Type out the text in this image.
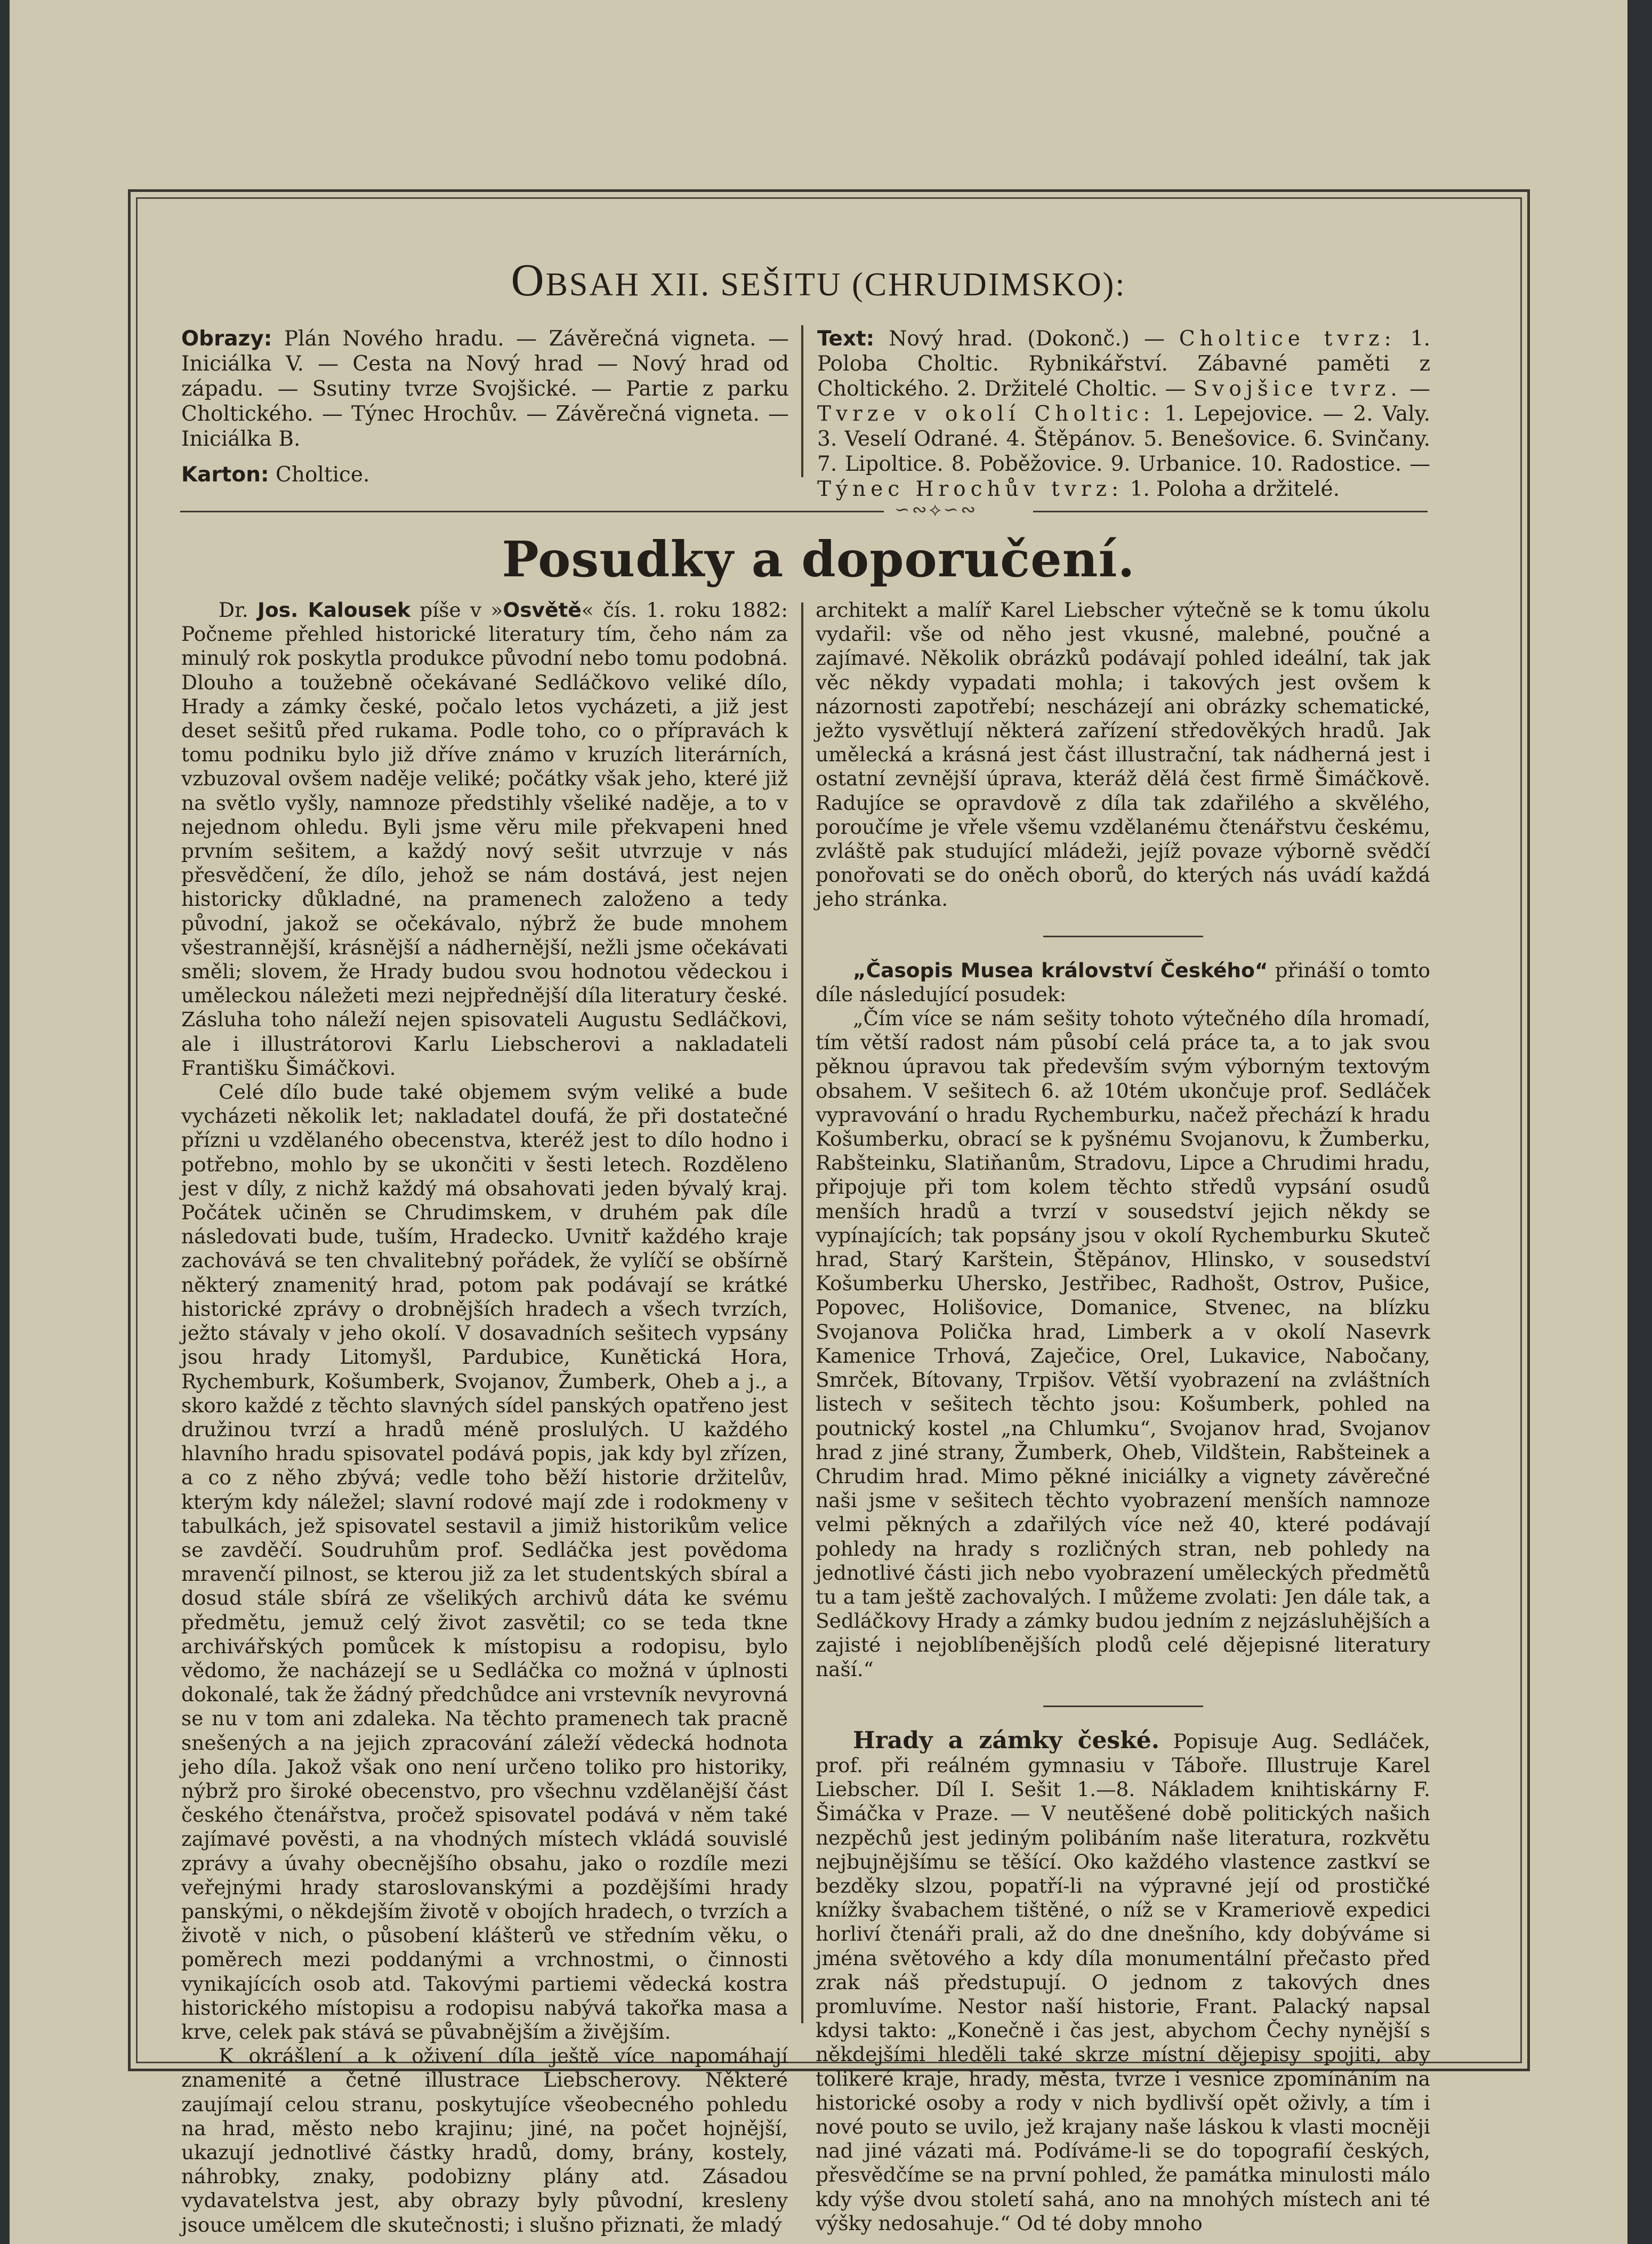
OBSAH XII. SEŠITU (CHRUDIMSKO):
Obrazy: Plán Nového hradu. — Závěrečná vigneta. — Iniciálka V. — Cesta na Nový hrad — Nový hrad od západu. — Ssutiny tvrze Svojšické. — Partie z parku Choltického. — Týnec Hrochův. — Závěrečná vigneta. — Iniciálka B.
Karton: Choltice.
Text: Nový hrad. (Dokonč.) — Choltice tvrz: 1. Poloba Choltic. Rybnikářství. Zábavné paměti z Choltického. 2. Držitelé Choltic. — Svojšice tvrz. — Tvrze v okolí Choltic: 1. Lepejovice. — 2. Valy. 3. Veselí Odrané. 4. Štěpánov. 5. Benešovice. 6. Svinčany. 7. Lipoltice. 8. Poběžovice. 9. Urbanice. 10. Radostice. — Týnec Hrochův tvrz: 1. Poloha a držitelé.
∽∾⟡∽∾
Posudky a doporučení.

Dr. Jos. Kalousek píše v »Osvětě« čís. 1. roku 1882: Počneme přehled historické literatury tím, čeho nám za minulý rok poskytla produkce původní nebo tomu podobná. Dlouho a toužebně očekávané Sedláčkovo veliké dílo, Hrady a zámky české, počalo letos vycházeti, a již jest deset sešitů před rukama. Podle toho, co o přípravách k tomu podniku bylo již dříve známo v kruzích literárních, vzbuzoval ovšem naděje veliké; počátky však jeho, které již na světlo vyšly, namnoze předstihly všeliké naděje, a to v nejednom ohledu. Byli jsme věru mile překvapeni hned prvním sešitem, a každý nový sešit utvrzuje v nás přesvědčení, že dílo, jehož se nám dostává, jest nejen historicky důkladné, na pramenech založeno a tedy původní, jakož se očekávalo, nýbrž že bude mnohem všestrannější, krásnější a nádhernější, nežli jsme očekávati směli; slovem, že Hrady budou svou hodnotou vědeckou i uměleckou náležeti mezi nejpřednější díla literatury české. Zásluha toho náleží nejen spisovateli Augustu Sedláčkovi, ale i illustrátorovi Karlu Liebscherovi a nakladateli Františku Šimáčkovi.

Celé dílo bude také objemem svým veliké a bude vycházeti několik let; nakladatel doufá, že při dostatečné přízni u vzdělaného obecenstva, kteréž jest to dílo hodno i potřebno, mohlo by se ukončiti v šesti letech. Rozděleno jest v díly, z nichž každý má obsahovati jeden bývalý kraj. Počátek učiněn se Chrudimskem, v druhém pak díle následovati bude, tuším, Hradecko. Uvnitř každého kraje zachovává se ten chvalitebný pořádek, že vylíčí se obšírně některý znamenitý hrad, potom pak podávají se krátké historické zprávy o drobnějších hradech a všech tvrzích, ježto stávaly v jeho okolí. V dosavadních sešitech vypsány jsou hrady Litomyšl, Pardubice, Kunětická Hora, Rychemburk, Košumberk, Svojanov, Žumberk, Oheb a j., a skoro každé z těchto slavných sídel panských opatřeno jest družinou tvrzí a hradů méně proslulých. U každého hlavního hradu spisovatel podává popis, jak kdy byl zřízen, a co z něho zbývá; vedle toho běží historie držitelův, kterým kdy náležel; slavní rodové mají zde i rodokmeny v tabulkách, jež spisovatel sestavil a jimiž historikům velice se zavděčí. Soudruhům prof. Sedláčka jest povědoma mravenčí pilnost, se kterou již za let studentských sbíral a dosud stále sbírá ze všelikých archivů dáta ke svému předmětu, jemuž celý život zasvětil; co se teda tkne archivářských pomůcek k místopisu a rodopisu, bylo vědomo, že nacházejí se u Sedláčka co možná v úplnosti dokonalé, tak že žádný předchůdce ani vrstevník nevyrovná se nu v tom ani zdaleka. Na těchto pramenech tak pracně snešených a na jejich zpracování záleží vědecká hodnota jeho díla. Jakož však ono není určeno toliko pro historiky, nýbrž pro široké obecenstvo, pro všechnu vzdělanější část českého čtenářstva, pročež spisovatel podává v něm také zajímavé pověsti, a na vhodných místech vkládá souvislé zprávy a úvahy obecnějšího obsahu, jako o rozdíle mezi veřejnými hrady staroslovanskými a pozdějšími hrady panskými, o někdejším životě v obojích hradech, o tvrzích a životě v nich, o působení klášterů ve středním věku, o poměrech mezi poddanými a vrchnostmi, o činnosti vynikajících osob atd. Takovými partiemi vědecká kostra historického místopisu a rodopisu nabývá takořka masa a krve, celek pak stává se půvabnějším a živějším.

K okrášlení a k oživení díla ještě více napomáhají znamenité a četné illustrace Liebscherovy. Některé zaujímají celou stranu, poskytujíce všeobecného pohledu na hrad, město nebo krajinu; jiné, na počet hojnější, ukazují jednotlivé částky hradů, domy, brány, kostely, náhrobky, znaky, podobizny plány atd. Zásadou vydavatelstva jest, aby obrazy byly původní, kresleny jsouce umělcem dle skutečnosti; i slušno přiznati, že mladý

architekt a malíř Karel Liebscher výtečně se k tomu úkolu vydařil: vše od něho jest vkusné, malebné, poučné a zajímavé. Několik obrázků podávají pohled ideální, tak jak věc někdy vypadati mohla; i takových jest ovšem k názornosti zapotřebí; nescházejí ani obrázky schematické, ježto vysvětlují některá zařízení středověkých hradů. Jak umělecká a krásná jest část illustrační, tak nádherná jest i ostatní zevnější úprava, kteráž dělá čest firmě Šimáčkově. Radujíce se opravdově z díla tak zdařilého a skvělého, poroučíme je vřele všemu vzdělanému čtenářstvu českému, zvláště pak studující mládeži, jejíž povaze výborně svědčí ponořovati se do oněch oborů, do kterých nás uvádí každá jeho stránka.

„Časopis Musea království Českého“ přináší o tomto díle následující posudek:

„Čím více se nám sešity tohoto výtečného díla hromadí, tím větší radost nám působí celá práce ta, a to jak svou pěknou úpravou tak především svým výborným textovým obsahem. V sešitech 6. až 10tém ukončuje prof. Sedláček vypravování o hradu Rychemburku, načež přechází k hradu Košumberku, obrací se k pyšnému Svojanovu, k Žumberku, Rabšteinku, Slatiňanům, Stradovu, Lipce a Chrudimi hradu, připojuje při tom kolem těchto středů vypsání osudů menších hradů a tvrzí v sousedství jejich někdy se vypínajících; tak popsány jsou v okolí Rychemburku Skuteč hrad, Starý Karštein, Štěpánov, Hlinsko, v sousedství Košumberku Uhersko, Jestřibec, Radhošt, Ostrov, Pušice, Popovec, Holišovice, Domanice, Stvenec, na blízku Svojanova Polička hrad, Limberk a v okolí Nasevrk Kamenice Trhová, Zaječice, Orel, Lukavice, Nabočany, Smrček, Bítovany, Trpišov. Větší vyobrazení na zvláštních listech v sešitech těchto jsou: Košumberk, pohled na poutnický kostel „na Chlumku“, Svojanov hrad, Svojanov hrad z jiné strany, Žumberk, Oheb, Vildštein, Rabšteinek a Chrudim hrad. Mimo pěkné iniciálky a vignety závěrečné naši jsme v sešitech těchto vyobrazení menších namnoze velmi pěkných a zdařilých více než 40, které podávají pohledy na hrady s rozličných stran, neb pohledy na jednotlivé části jich nebo vyobrazení uměleckých předmětů tu a tam ještě zachovalých. I můžeme zvolati: Jen dále tak, a Sedláčkovy Hrady a zámky budou jedním z nejzásluhějších a zajisté i nejoblíbenějších plodů celé dějepisné literatury naší.“

Hrady a zámky české. Popisuje Aug. Sedláček, prof. při reálném gymnasiu v Táboře. Illustruje Karel Liebscher. Díl I. Sešit 1.—8. Nákladem knihtiskárny F. Šimáčka v Praze. — V neutěšené době politických našich nezpěchů jest jediným polibáním naše literatura, rozkvětu nejbujnějšímu se těšící. Oko každého vlastence zastkví se bezděky slzou, popatří-li na výpravné její od prostičké knížky švabachem tištěné, o níž se v Krameriově expedici horliví čtenáři prali, až do dne dnešního, kdy dobýváme si jména světového a kdy díla monumentální přečasto před zrak náš předstupují. O jednom z takových dnes promluvíme. Nestor naší historie, Frant. Palacký napsal kdysi takto: „Konečně i čas jest, abychom Čechy nynější s někdejšími hleděli také skrze místní dějepisy spojiti, aby tolikeré kraje, hrady, města, tvrze i vesnice zpomínáním na historické osoby a rody v nich bydlivší opět oživly, a tím i nové pouto se uvilo, jež krajany naše láskou k vlasti mocněji nad jiné vázati má. Podíváme-li se do topografií českých, přesvědčíme se na první pohled, že památka minulosti málo kdy výše dvou století sahá, ano na mnohých místech ani té výšky nedosahuje.“ Od té doby mnoho
